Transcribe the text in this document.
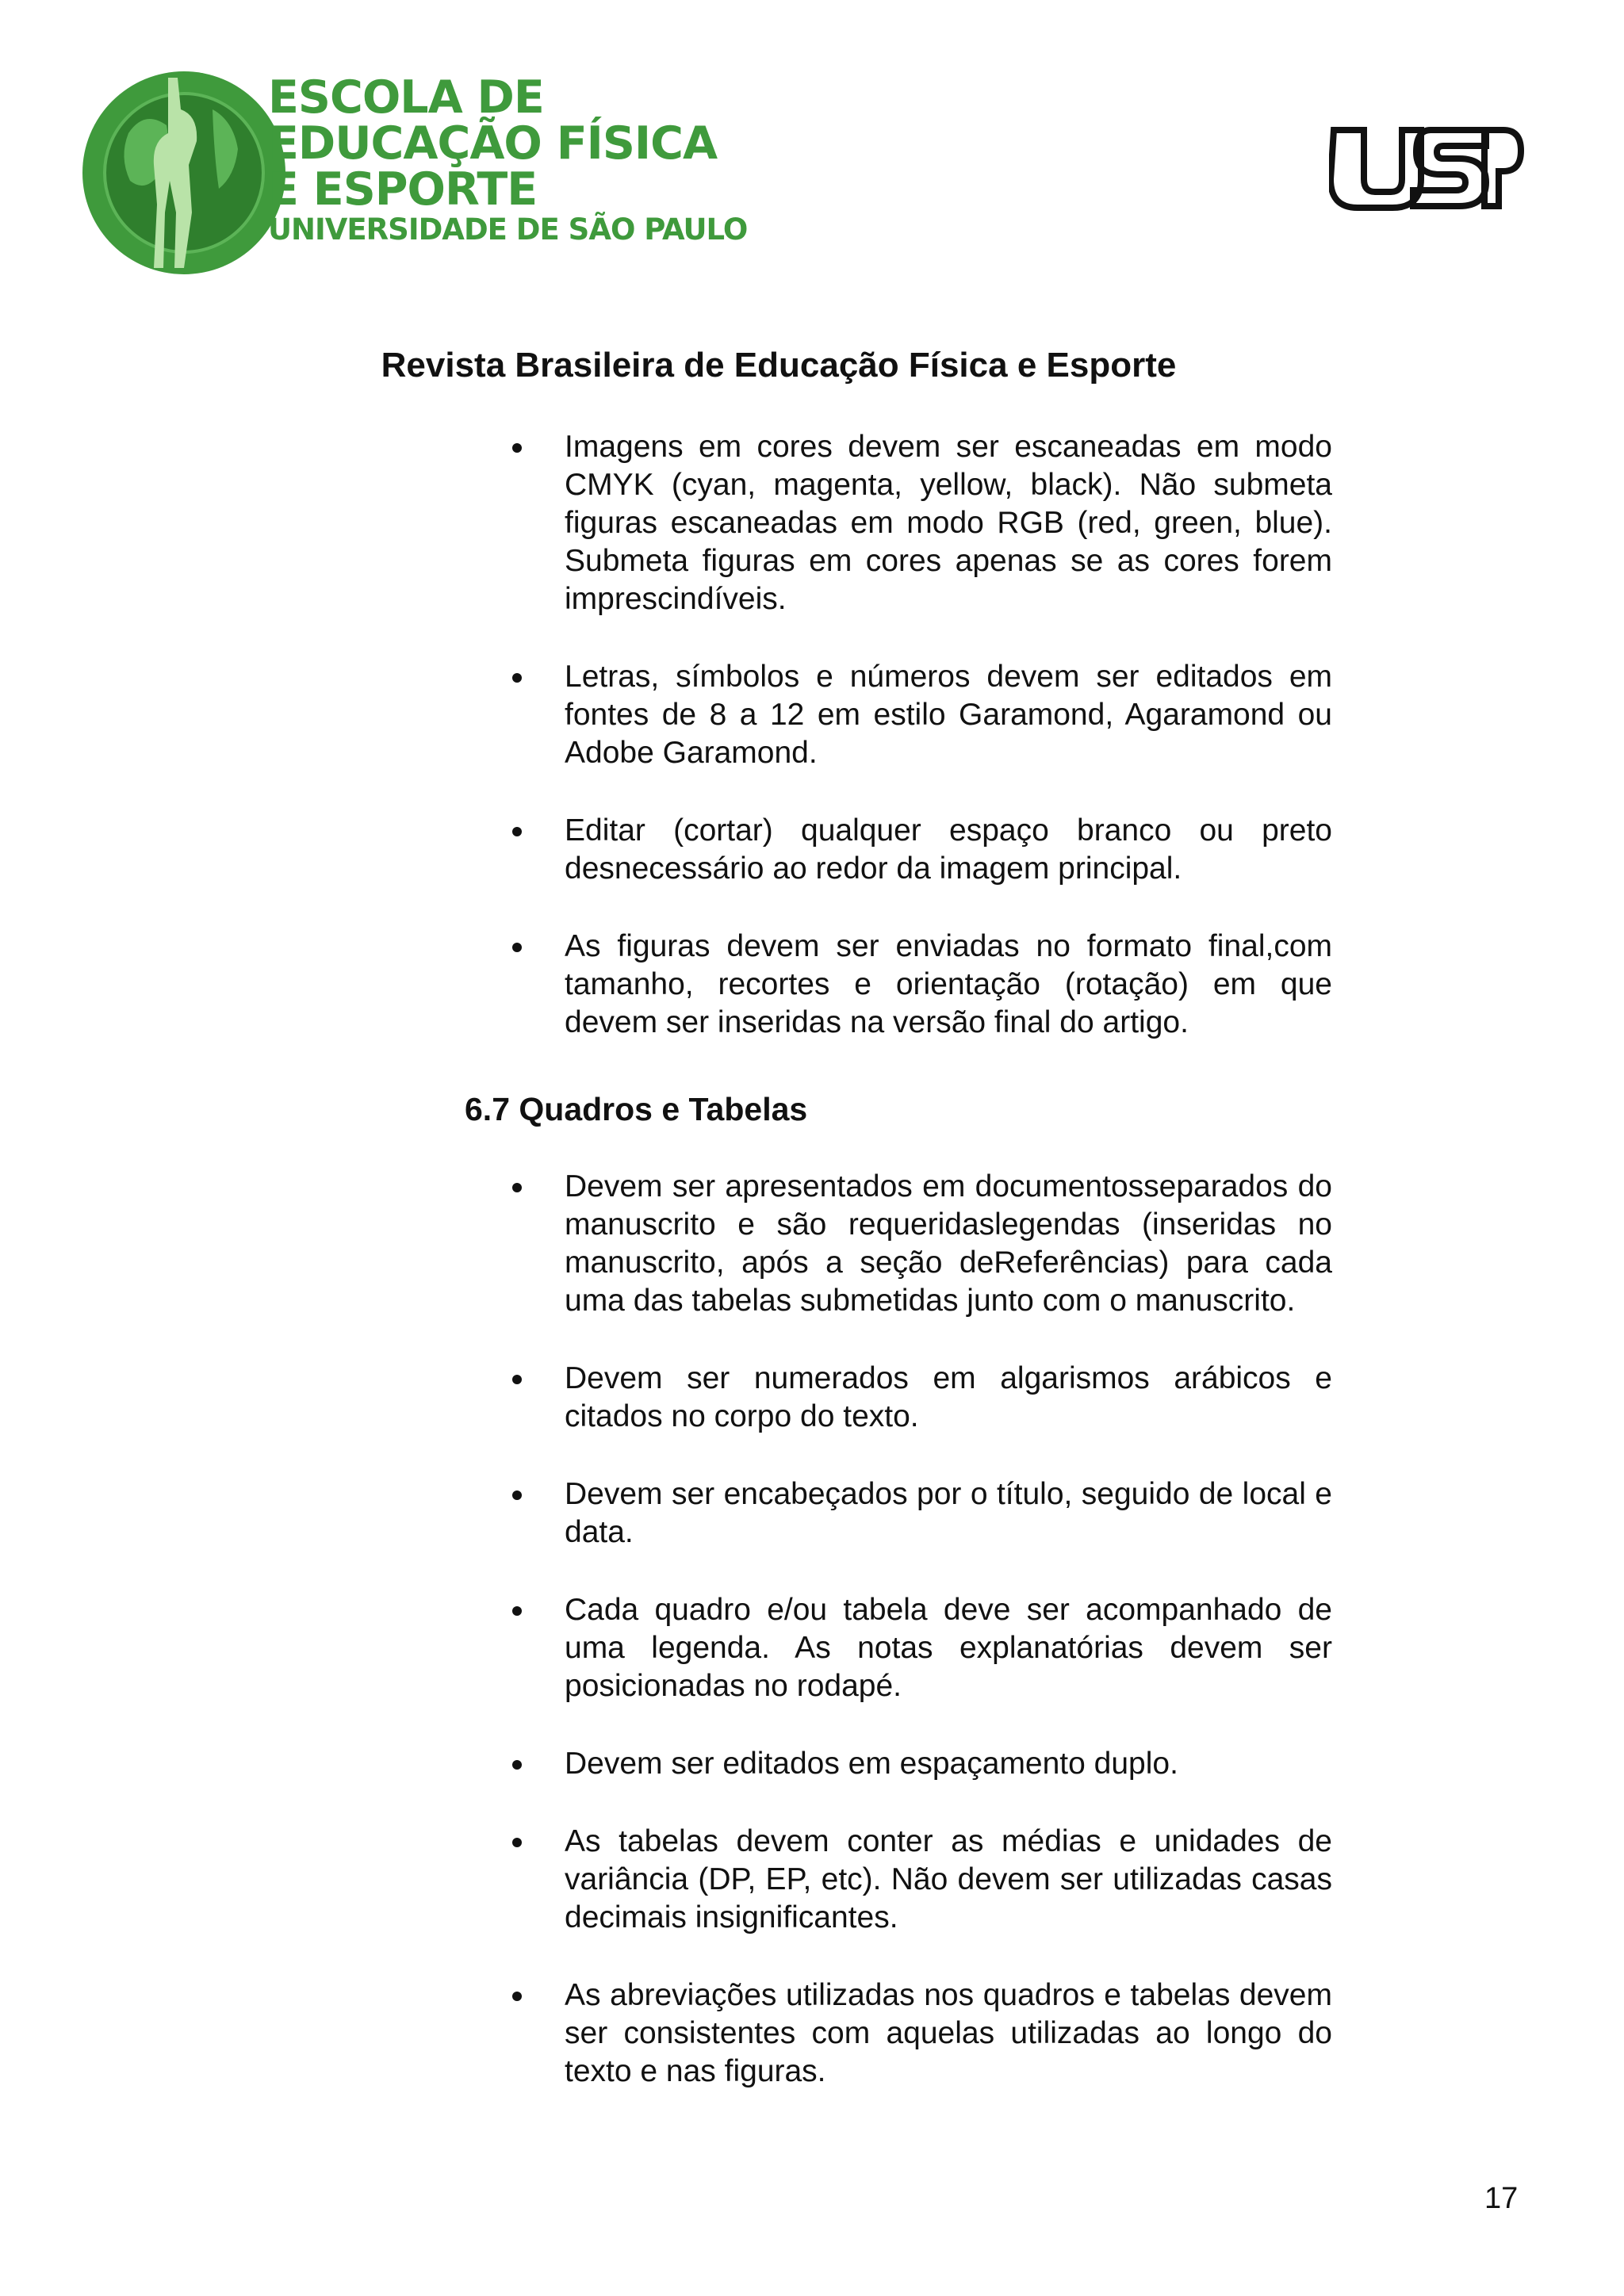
ESCOLA DE
EDUCAÇÃO FÍSICA
E ESPORTE
UNIVERSIDADE DE SÃO PAULO
Revista Brasileira de Educação Física e Esporte
Imagens em cores devem ser escaneadas em modo CMYK (cyan, magenta, yellow, black). Não submeta figuras escaneadas em modo RGB (red, green, blue). Submeta figuras em cores apenas se as cores forem imprescindíveis.
Letras, símbolos e números devem ser editados em fontes de 8 a 12 em estilo Garamond, Agaramond ou Adobe Garamond.
Editar (cortar) qualquer espaço branco ou preto desnecessário ao redor da imagem principal.
As figuras devem ser enviadas no formato final,com tamanho, recortes e orientação (rotação) em que devem ser inseridas na versão final do artigo.
6.7 Quadros e Tabelas
Devem ser apresentados em documentosseparados do manuscrito e são requeridaslegendas (inseridas no manuscrito, após a seção deReferências) para cada uma das tabelas submetidas junto com o manuscrito.
Devem ser numerados em algarismos arábicos e citados no corpo do texto.
Devem ser encabeçados por o título, seguido de local e data.
Cada quadro e/ou tabela deve ser acompanhado de uma legenda. As notas explanatórias devem ser posicionadas no rodapé.
Devem ser editados em espaçamento duplo.
As tabelas devem conter as médias e unidades de variância (DP, EP, etc). Não devem ser utilizadas casas decimais insignificantes.
As abreviações utilizadas nos quadros e tabelas devem ser consistentes com aquelas utilizadas ao longo do texto e nas figuras.
17
